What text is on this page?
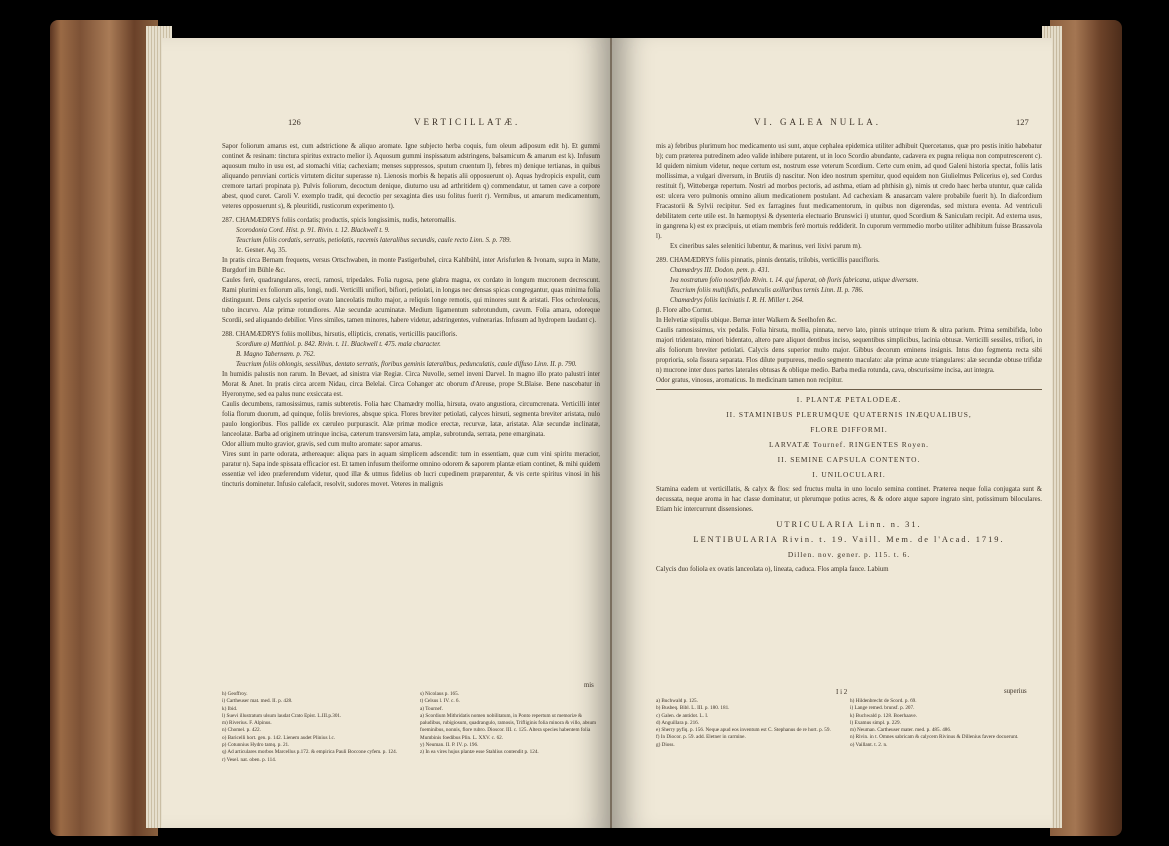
126	VERTICILLATÆ.

Sapor foliorum amarus est, cum adstrictione & aliquo aromate. Igne subjecto herba coquis, fum oleum adiposum edit h). Et gummi continet & resinam: tinctura spiritus extracto melior i). Aquosum gummi inspissatum adstringens, balsamicum & amarum est k). Infusum aquosum multo in usu est, ad stomachi vitia; cachexiam; menses suppressos, sputum cruentum l), febres m) denique tertianas, in quibus aliquando peruviani corticis virtutem dicitur superasse n). Lienosis morbis & hepatis alii opposuerunt o). Aquas hydropicis expulit, cum cremore tartari propinata p). Pulvis foliorum, decoctum denique, diuturno usu ad arthritidem q) commendatur, ut tamen cave a corpore abest, quod curet. Caroli V. exemplo tradit, qui decoctio per sexaginta dies usu folitus fuerit r). Vermibus, ut amarum medicamentum, veteres opposuerunt s), & pleuritidi, rusticorum experimento t).

287. CHAMÆDRYS foliis cordatis; productis, spicis longissimis, nudis, heteromallis.

Scorodonia Cord. Hist. p. 91. Rivin. t. 12. Blackwell t. 9.

Teucrium foliis cordatis, serratis, petiolatis, racemis lateralibus secundis, caule recto Linn. S. p. 789.

Ic. Gesner. Aq. 35.

In pratis circa Bernam frequens, versus Ortschwaben, in monte Pastigerbuhel, circa Kahlbühl, inter Arisfurlen & Ivonam, supra in Matte, Burgdorf im Bühle &c.

Caules ferè, quadrangulares, erecti, ramosi, tripedales. Folia rugosa, pene glabra magna, ex cordato in longum mucronem decrescunt. Rami plurimi ex foliorum alis, longi, nudi. Verticilli unifiori, bifiori, petiolati, in longas nec densas spicas congregantur, quas minima folia distinguunt. Dens calycis superior ovato lanceolatis multo major, a reliquis longe remotis, qui minores sunt & aristati. Flos ochroleucus, tubo incurvo. Alæ primæ rotundiores. Alæ secundæ acuminatæ. Medium ligamentum subrotundum, cavum. Folia amara, odoreque Scordii, sed aliquando debilior. Vires similes, tamen minores, habere videtur, adstringentes, vulnerarias. Infusum ad hydropem laudant c).

288. CHAMÆDRYS foliis mollibus, hirsutis, ellipticis, crenatis, verticillis paucifloris.

Scordium a) Matthiol. p. 842. Rivin. t. 11. Blackwell t. 475. mala character.

B. Magno Tabernæm. p. 762.

Teucrium foliis oblongis, sessilibus, dentato serratis, floribus geminis lateralibus, pedunculatis, caule diffuso Linn. II. p. 790.

In humidis palustis non rarum. In Bevaet, ad sinistra viæ Regiæ. Circa Nuvolle, semel inveni Darvel. In magno illo prato palustri inter Morat & Anet. In pratis circa arcem Nidau, circa Belelai. Circa Cohanger atc oborum d'Areuse, prope St.Blaise. Bene nascebatur in Hyeronyme, sed ea palus nunc exsiccata est.

Caulis decumbens, ramosissimus, ramis subteretis. Folia hæc Chamædry mollia, hirsuta, ovato angustiora, circumcrenata. Verticilli inter folia florum duorum, ad quinque, foliis breviores, absque spica. Flores breviter petiolati, calyces hirsuti, segmenta breviter aristata, nulo paulo longioribus. Flos pallide ex cæruleo purpurascit. Alæ primæ modice erectæ, recurvæ, latæ, aristatæ. Alæ secundæ inclinatæ, lanceolatæ. Barba ad originem utrinque incisa, cæterum transversim lata, amplæ, subrotunda, serrata, pene emarginata.

Odor allium multo gravior, gravis, sed cum multo aromate: sapor amarus.

Vires sunt in parte odorata, æthereaque: aliqua pars in aquam simplicem adscendit: tum in essentiam, quæ cum vini spiritu meracior, paratur n). Sapa inde spissata efficacior est. Et tamen infusum theiforme omnino odorem & saporem plantæ etiam continet, & mihi quidem essentiæ vel ideo præferendum videtur, quod illæ & utmus fidelius ob lucri cupedinem præparentur, & vis certe spiritus vinosi in his tincturis dominetur. Infusio calefacit, resolvit, sudores movet. Veteres in malignis

mis

h) Geoffroy.

i) Cartheuser mat. med. II. p. 428.

k) Ibid.

l) Suevi illustratum ulsum laudat Crato Epist. L.III.p.301.

m) Riverius. F. Alpinus.

n) Chomel. p. 422.

o) Baricelli hort. gen. p. 142. Lienem audet Plinius l.c.

p) Cotunnius Hydro tamq. p. 21.

q) Ad articulares morbos Marcellus p.172. & empirica Pauli Boccone cyfem. p. 124.

r) Vesel. nat. oben. p. 114.

s) Nicolaus p. 165.

t) Celsus l. IV. c. 6.

a) Tournef.

a) Scordium Mithridatis nomen nobilitatum, in Ponto repertum ut memoriæ & paludibus, rubigiosum, quadrangulo, ramosis, Trifliginis folia minora & villo, absum foeminibus, nonnis, flore rubro. Dioscor. III. c. 125. Altera species habentem folia Mumbinis foedibus Plin. L. XXV. c. 62.

y) Neuman. II. P. IV. p. 196.

z) In ea vires hujus plantæ esse Stahlius contendit p. 124.

VI. GALEA NULLA.	127

mis a) febribus plurimum hoc medicamento usi sunt, atque cephalea epidemica utiliter adhibuit Quercetanus, quæ pro pestis initio habebatur b); cum præterea putredinem adeo valide inhibere putarent, ut in loco Scordio abundante, cadavera ex pugna reliqua non computrescerent c). Id quidem nimium videtur, neque certum est, nostrum esse veterum Scordium. Certe cum enim, ad quod Galeni historia spectat, foliis latis mollissimæ, a vulgari diversum, in Brutiis d) nascitur. Non ideo nostrum spernitur, quod equidem non Giulielmus Pelicerius e), sed Cordus restituit f), Wittebergæ repertum. Nostri ad morbos pectoris, ad asthma, etiam ad phthisin g), nimis ut credo haec herba utuntur, quæ calida est: ulcera vero pulmonis omnino alium medicationem postulant. Ad cachexiam & anasarcam valere probabile fuerit h). In diafcordium Fracastorii & Sylvii recipitur. Sed ex farragines fuut medicamentorum, in quibus non digerendas, sed mixtura eventa. Ad ventriculi debilitatem certe utile est. In hæmoptysi & dysenteria electuario Brunswici i) utuntur, quod Scordium & Saniculam recipit. Ad externa usus, in gangrena k) est ex præcipuis, ut etiam membris ferè mortuis reddiderit. In cuporum vermmedio morbo utiliter adhibitum fuisse Brassavola l).

Ex cineribus sales selenitici lubentur, & marinus, veri lixivi parum m).

289. CHAMÆDRYS foliis pinnatis, pinnis dentatis, trilobis, verticillis paucifloris.

Chamædrys III. Dodon. pem. p. 431.

Iva nostratum folio nostrifido Rivin. t. 14. qui fuperat, ob floris fabricana, utique diversam.

Teucrium foliis multifidis, pedunculis axillaribus ternis Linn. II. p. 786.

Chamædrys foliis laciniatis I. R. H. Miller t. 264.

β. Flore albo Cornut.

In Helvetiæ stipulis ubique. Bernæ inter Walkern & Seelhofen &c.

Caulis ramosissimus, vix pedalis. Folia hirsuta, mollia, pinnata, nervo lato, pinnis utrinque trium & ultra parium. Prima semibifida, lobo majori tridentato, minori bidentato, altero pare aliquot dentibus inciso, sequentibus simplicibus, lacinia obtusæ. Verticilli sessiles, trifiori, in alis foliorum breviter petiolati. Calycis dens superior multo major. Gibbus decorum eminens insignis. Intus duo fegmenta recta sibi proprioria, sola fissura separata. Flos dilute purpureus, medio segmento maculato: alæ primæ acute triangulares: alæ secundæ obtuse trifidæ n) mucrone inter duos partes laterales obtusas & oblique medio. Barba media rotunda, cava, obscurissime incisa, aut integra.

Odor gratus, vinosus, aromaticus. In medicinam tamen non recipitur.

I. PLANTÆ PETALODEÆ.

II. STAMINIBUS PLERUMQUE QUATERNIS INÆQUALIBUS,

FLORE DIFFORMI.

LARVATÆ Tournef. RINGENTES Royen.

II. SEMINE CAPSULA CONTENTO.

I. UNILOCULARI.

Stamina eadem ut verticillatis, & calyx & flos: sed fructus multa in uno loculo semina continet. Præterea neque folia conjugata sunt & decussata, neque aroma in hac classe dominatur, ut plerumque potius acres, & & odore atque sapore ingrato sint, potissimum biloculares. Etiam hic intercurrunt dissensiones.

UTRICULARIA Linn. n. 31.

LENTIBULARIA Rivin. t. 19. Vaill. Mem. de l'Acad. 1719.

Dillen. nov. gener. p. 115. t. 6.

Calycis duo foliola ex ovatis lanceolata o), lineata, caduca. Flos ampla fauce. Labium

I i 2	superius

a) Buchwald p. 125.

b) Busbeq. Bibl. L. III. p. 180. 181.

c) Galen. de antidot. L. I.

d) Anguillara p. 216.

e) Sherry pyfiq. p. 156. Neque apud eos inventum est C. Stephanus de re hort. p. 59.

f) In Diocor. p. 59. add. Eletner in carmine.

g) Dioss.

h) Hildenbrecht de Scord. p. 69.

i) Lange remed. brunsf. p. 207.

k) Buchwald p. 128. Boerhaave.

l) Examus simpl. p. 229.

m) Neuman. Cartheuser mater. med. p. 485. 486.

n) Rivin. in t. Omnes sabricam & calycem Rivinus & Dillenius favere docuerunt.

o) Vaillant. t. 2. n.
